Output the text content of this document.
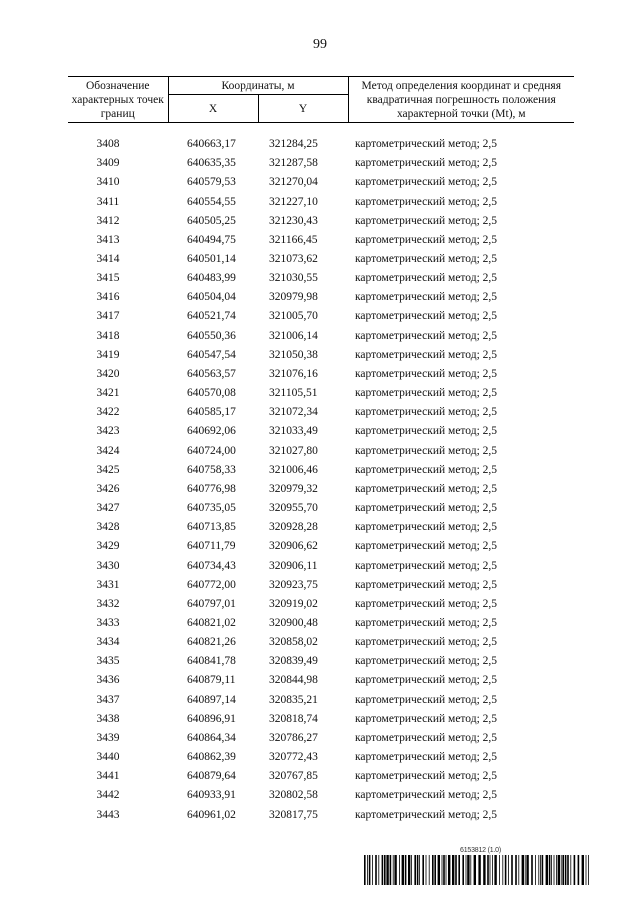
99
Обозначение характерных точек границ	Координаты, м		Метод определения координат и средняя квадратичная погрешность положения характерной точки (Mt), м
	X	Y	
3408	640663,17	321284,25	картометрический метод; 2,5
3409	640635,35	321287,58	картометрический метод; 2,5
3410	640579,53	321270,04	картометрический метод; 2,5
3411	640554,55	321227,10	картометрический метод; 2,5
3412	640505,25	321230,43	картометрический метод; 2,5
3413	640494,75	321166,45	картометрический метод; 2,5
3414	640501,14	321073,62	картометрический метод; 2,5
3415	640483,99	321030,55	картометрический метод; 2,5
3416	640504,04	320979,98	картометрический метод; 2,5
3417	640521,74	321005,70	картометрический метод; 2,5
3418	640550,36	321006,14	картометрический метод; 2,5
3419	640547,54	321050,38	картометрический метод; 2,5
3420	640563,57	321076,16	картометрический метод; 2,5
3421	640570,08	321105,51	картометрический метод; 2,5
3422	640585,17	321072,34	картометрический метод; 2,5
3423	640692,06	321033,49	картометрический метод; 2,5
3424	640724,00	321027,80	картометрический метод; 2,5
3425	640758,33	321006,46	картометрический метод; 2,5
3426	640776,98	320979,32	картометрический метод; 2,5
3427	640735,05	320955,70	картометрический метод; 2,5
3428	640713,85	320928,28	картометрический метод; 2,5
3429	640711,79	320906,62	картометрический метод; 2,5
3430	640734,43	320906,11	картометрический метод; 2,5
3431	640772,00	320923,75	картометрический метод; 2,5
3432	640797,01	320919,02	картометрический метод; 2,5
3433	640821,02	320900,48	картометрический метод; 2,5
3434	640821,26	320858,02	картометрический метод; 2,5
3435	640841,78	320839,49	картометрический метод; 2,5
3436	640879,11	320844,98	картометрический метод; 2,5
3437	640897,14	320835,21	картометрический метод; 2,5
3438	640896,91	320818,74	картометрический метод; 2,5
3439	640864,34	320786,27	картометрический метод; 2,5
3440	640862,39	320772,43	картометрический метод; 2,5
3441	640879,64	320767,85	картометрический метод; 2,5
3442	640933,91	320802,58	картометрический метод; 2,5
3443	640961,02	320817,75	картометрический метод; 2,5
6153812 (1.0)
